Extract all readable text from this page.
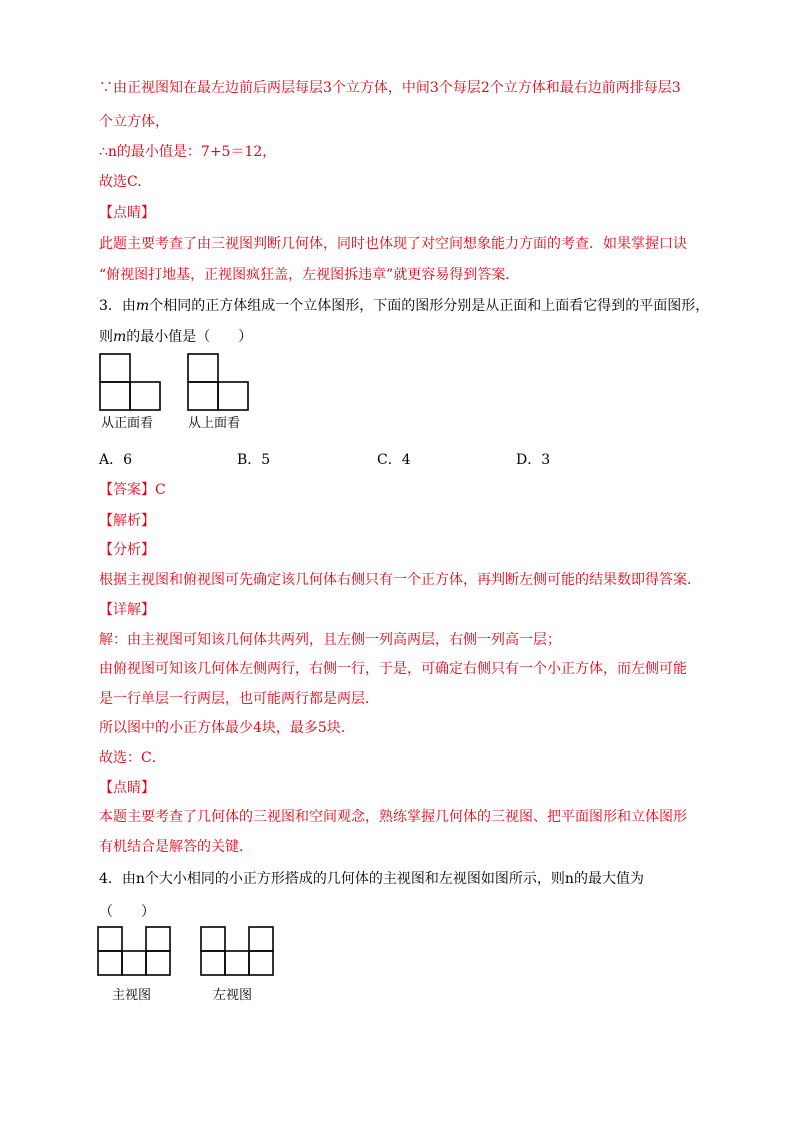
∵由正视图知在最左边前后两层每层3个立方体，中间3个每层2个立方体和最右边前两排每层3
个立方体，
∴n的最小值是：7+5＝12，
故选C.
【点睛】
此题主要考查了由三视图判断几何体，同时也体现了对空间想象能力方面的考查．如果掌握口诀
“俯视图打地基，正视图疯狂盖，左视图拆违章”就更容易得到答案．
3．由m个相同的正方体组成一个立体图形，下面的图形分别是从正面和上面看它得到的平面图形，
则m的最小值是（　　）
从正面看	从上面看
A．6	B．5	C．4	D．3
【答案】C
【解析】
【分析】
根据主视图和俯视图可先确定该几何体右侧只有一个正方体，再判断左侧可能的结果数即得答案．
【详解】
解：由主视图可知该几何体共两列，且左侧一列高两层，右侧一列高一层；
由俯视图可知该几何体左侧两行，右侧一行，于是，可确定右侧只有一个小正方体，而左侧可能
是一行单层一行两层，也可能两行都是两层．
所以图中的小正方体最少4块，最多5块．
故选：C．
【点睛】
本题主要考查了几何体的三视图和空间观念，熟练掌握几何体的三视图、把平面图形和立体图形
有机结合是解答的关键．
4．由n个大小相同的小正方形搭成的几何体的主视图和左视图如图所示，则n的最大值为
（　　）
主视图	左视图
